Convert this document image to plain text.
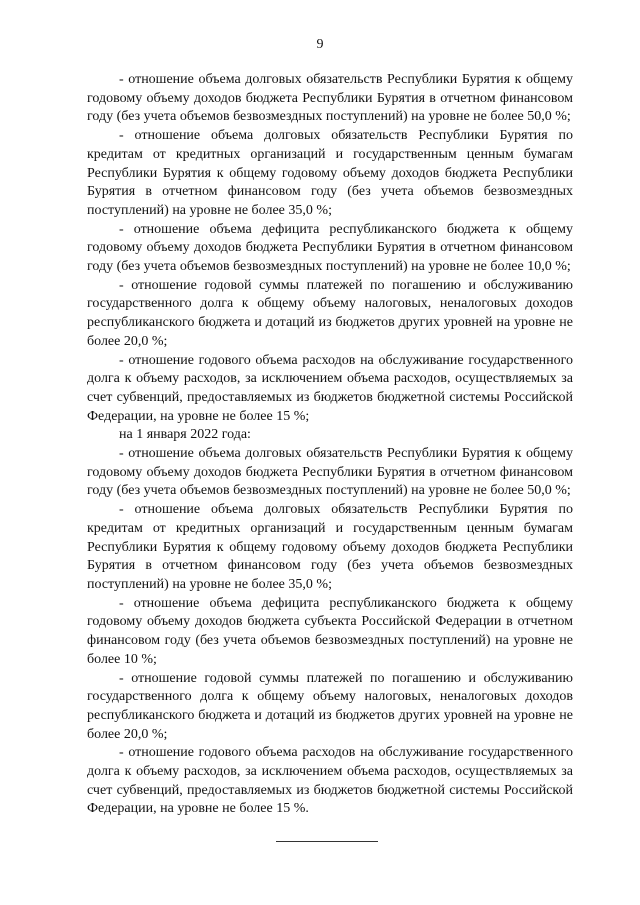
9

- отношение объема долговых обязательств Республики Бурятия к общему годовому объему доходов бюджета Республики Бурятия в отчетном финансовом году (без учета объемов безвозмездных поступлений) на уровне не более 50,0 %;

- отношение объема долговых обязательств Республики Бурятия по кредитам от кредитных организаций и государственным ценным бумагам Республики Бурятия к общему годовому объему доходов бюджета Республики Бурятия в отчетном финансовом году (без учета объемов безвозмездных поступлений) на уровне не более 35,0 %;

- отношение объема дефицита республиканского бюджета к общему годовому объему доходов бюджета Республики Бурятия в отчетном финансовом году (без учета объемов безвозмездных поступлений) на уровне не более 10,0 %;

- отношение годовой суммы платежей по погашению и обслуживанию государственного долга к общему объему налоговых, неналоговых доходов республиканского бюджета и дотаций из бюджетов других уровней на уровне не более 20,0 %;

- отношение годового объема расходов на обслуживание государственного долга к объему расходов, за исключением объема расходов, осуществляемых за счет субвенций, предоставляемых из бюджетов бюджетной системы Российской Федерации, на уровне не более 15 %;

на 1 января 2022 года:

- отношение объема долговых обязательств Республики Бурятия к общему годовому объему доходов бюджета Республики Бурятия в отчетном финансовом году (без учета объемов безвозмездных поступлений) на уровне не более 50,0 %;

- отношение объема долговых обязательств Республики Бурятия по кредитам от кредитных организаций и государственным ценным бумагам Республики Бурятия к общему годовому объему доходов бюджета Республики Бурятия в отчетном финансовом году (без учета объемов безвозмездных поступлений) на уровне не более 35,0 %;

- отношение объема дефицита республиканского бюджета к общему годовому объему доходов бюджета субъекта Российской Федерации в отчетном финансовом году (без учета объемов безвозмездных поступлений) на уровне не более 10 %;

- отношение годовой суммы платежей по погашению и обслуживанию государственного долга к общему объему налоговых, неналоговых доходов республиканского бюджета и дотаций из бюджетов других уровней на уровне не более 20,0 %;

- отношение годового объема расходов на обслуживание государственного долга к объему расходов, за исключением объема расходов, осуществляемых за счет субвенций, предоставляемых из бюджетов бюджетной системы Российской Федерации, на уровне не более 15 %.
